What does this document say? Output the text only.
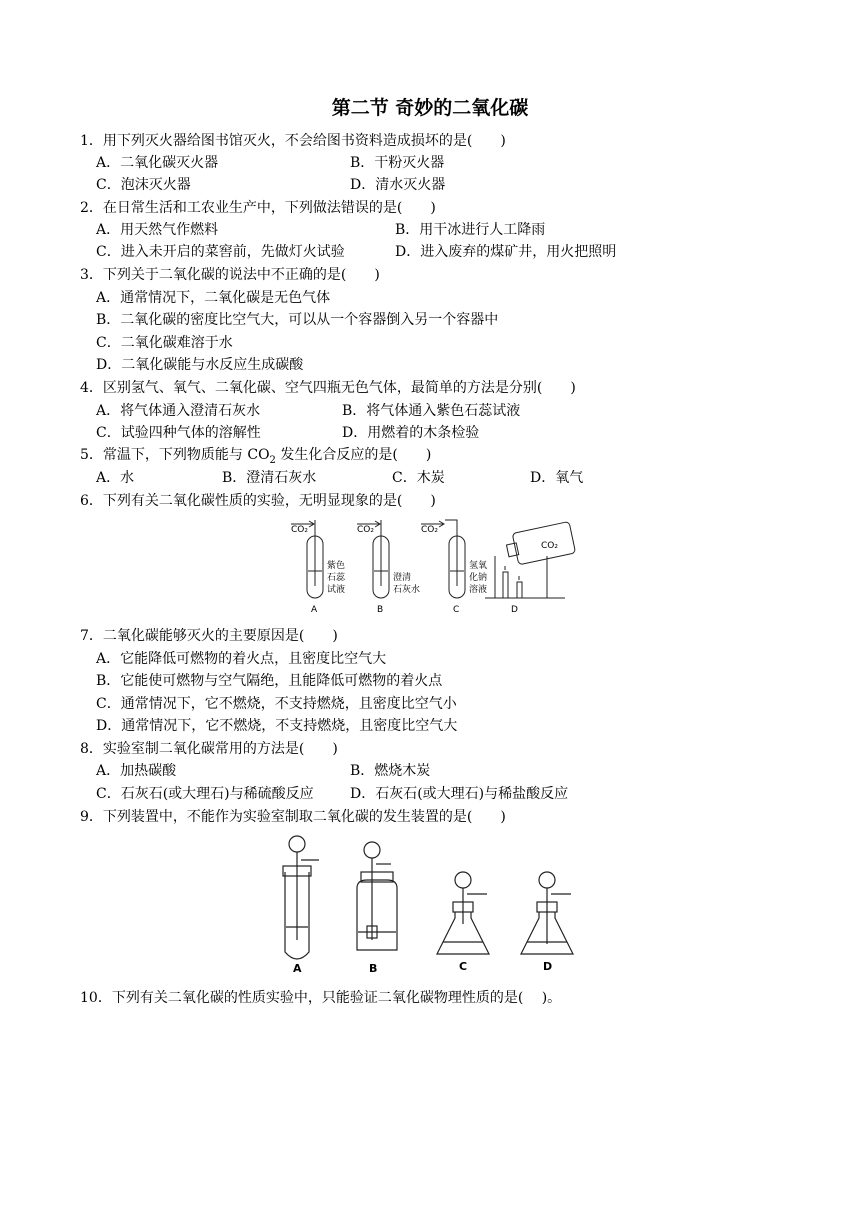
第二节 奇妙的二氧化碳
1．用下列灭火器给图书馆灭火，不会给图书资料造成损坏的是(　　)
A．二氧化碳灭火器	B．干粉灭火器
C．泡沫灭火器	D．清水灭火器
2．在日常生活和工农业生产中，下列做法错误的是(　　)
A．用天然气作燃料	B．用干冰进行人工降雨
C．进入未开启的菜窖前，先做灯火试验	D．进入废弃的煤矿井，用火把照明
3．下列关于二氧化碳的说法中不正确的是(　　)
A．通常情况下，二氧化碳是无色气体
B．二氧化碳的密度比空气大，可以从一个容器倒入另一个容器中
C．二氧化碳难溶于水
D．二氧化碳能与水反应生成碳酸
4．区别氢气、氧气、二氧化碳、空气四瓶无色气体，最简单的方法是分别(　　)
A．将气体通入澄清石灰水	B．将气体通入紫色石蕊试液
C．试验四种气体的溶解性	D．用燃着的木条检验
5．常温下，下列物质能与 $CO_2$ 发生化合反应的是(　　)
A．水	B．澄清石灰水	C．木炭	D．氧气
6．下列有关二氧化碳性质的实验，无明显现象的是(　　)
CO₂	CO₂	CO₂
CO₂
紫色
石蕊
试液
澄清
石灰水
氢氧
化钠
溶液
A	B	C	D
7．二氧化碳能够灭火的主要原因是(　　)
A．它能降低可燃物的着火点，且密度比空气大
B．它能使可燃物与空气隔绝，且能降低可燃物的着火点
C．通常情况下，它不燃烧，不支持燃烧，且密度比空气小
D．通常情况下，它不燃烧，不支持燃烧，且密度比空气大
8．实验室制二氧化碳常用的方法是(　　)
A．加热碳酸	B．燃烧木炭
C．石灰石(或大理石)与稀硫酸反应	D．石灰石(或大理石)与稀盐酸反应
9．下列装置中，不能作为实验室制取二氧化碳的发生装置的是(　　)
A	B	C	D
10．下列有关二氧化碳的性质实验中，只能验证二氧化碳物理性质的是(　 )。
